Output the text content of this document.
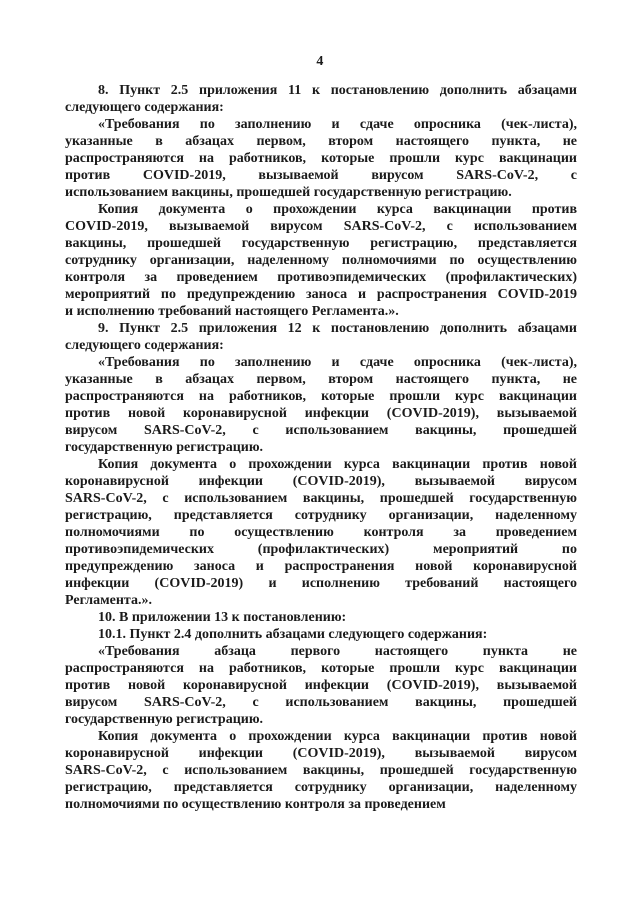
4
8. Пункт 2.5 приложения 11 к постановлению дополнить абзацами
следующего содержания:
«Требования по заполнению и сдаче опросника (чек-листа),
указанные в абзацах первом, втором настоящего пункта, не
распространяются на работников, которые прошли курс вакцинации
против COVID-2019, вызываемой вирусом SARS-CoV-2, с
использованием вакцины, прошедшей государственную регистрацию.
Копия документа о прохождении курса вакцинации против
COVID-2019, вызываемой вирусом SARS-CoV-2, с использованием
вакцины, прошедшей государственную регистрацию, представляется
сотруднику организации, наделенному полномочиями по осуществлению
контроля за проведением противоэпидемических (профилактических)
мероприятий по предупреждению заноса и распространения COVID-2019
и исполнению требований настоящего Регламента.».
9. Пункт 2.5 приложения 12 к постановлению дополнить абзацами
следующего содержания:
«Требования по заполнению и сдаче опросника (чек-листа),
указанные в абзацах первом, втором настоящего пункта, не
распространяются на работников, которые прошли курс вакцинации
против новой коронавирусной инфекции (COVID-2019), вызываемой
вирусом SARS-CoV-2, с использованием вакцины, прошедшей
государственную регистрацию.
Копия документа о прохождении курса вакцинации против новой
коронавирусной инфекции (COVID-2019), вызываемой вирусом
SARS-CoV-2, с использованием вакцины, прошедшей государственную
регистрацию, представляется сотруднику организации, наделенному
полномочиями по осуществлению контроля за проведением
противоэпидемических (профилактических) мероприятий по
предупреждению заноса и распространения новой коронавирусной
инфекции (COVID-2019) и исполнению требований настоящего
Регламента.».
10. В приложении 13 к постановлению:
10.1. Пункт 2.4 дополнить абзацами следующего содержания:
«Требования абзаца первого настоящего пункта не
распространяются на работников, которые прошли курс вакцинации
против новой коронавирусной инфекции (COVID-2019), вызываемой
вирусом SARS-CoV-2, с использованием вакцины, прошедшей
государственную регистрацию.
Копия документа о прохождении курса вакцинации против новой
коронавирусной инфекции (COVID-2019), вызываемой вирусом
SARS-CoV-2, с использованием вакцины, прошедшей государственную
регистрацию, представляется сотруднику организации, наделенному
полномочиями по осуществлению контроля за проведением
